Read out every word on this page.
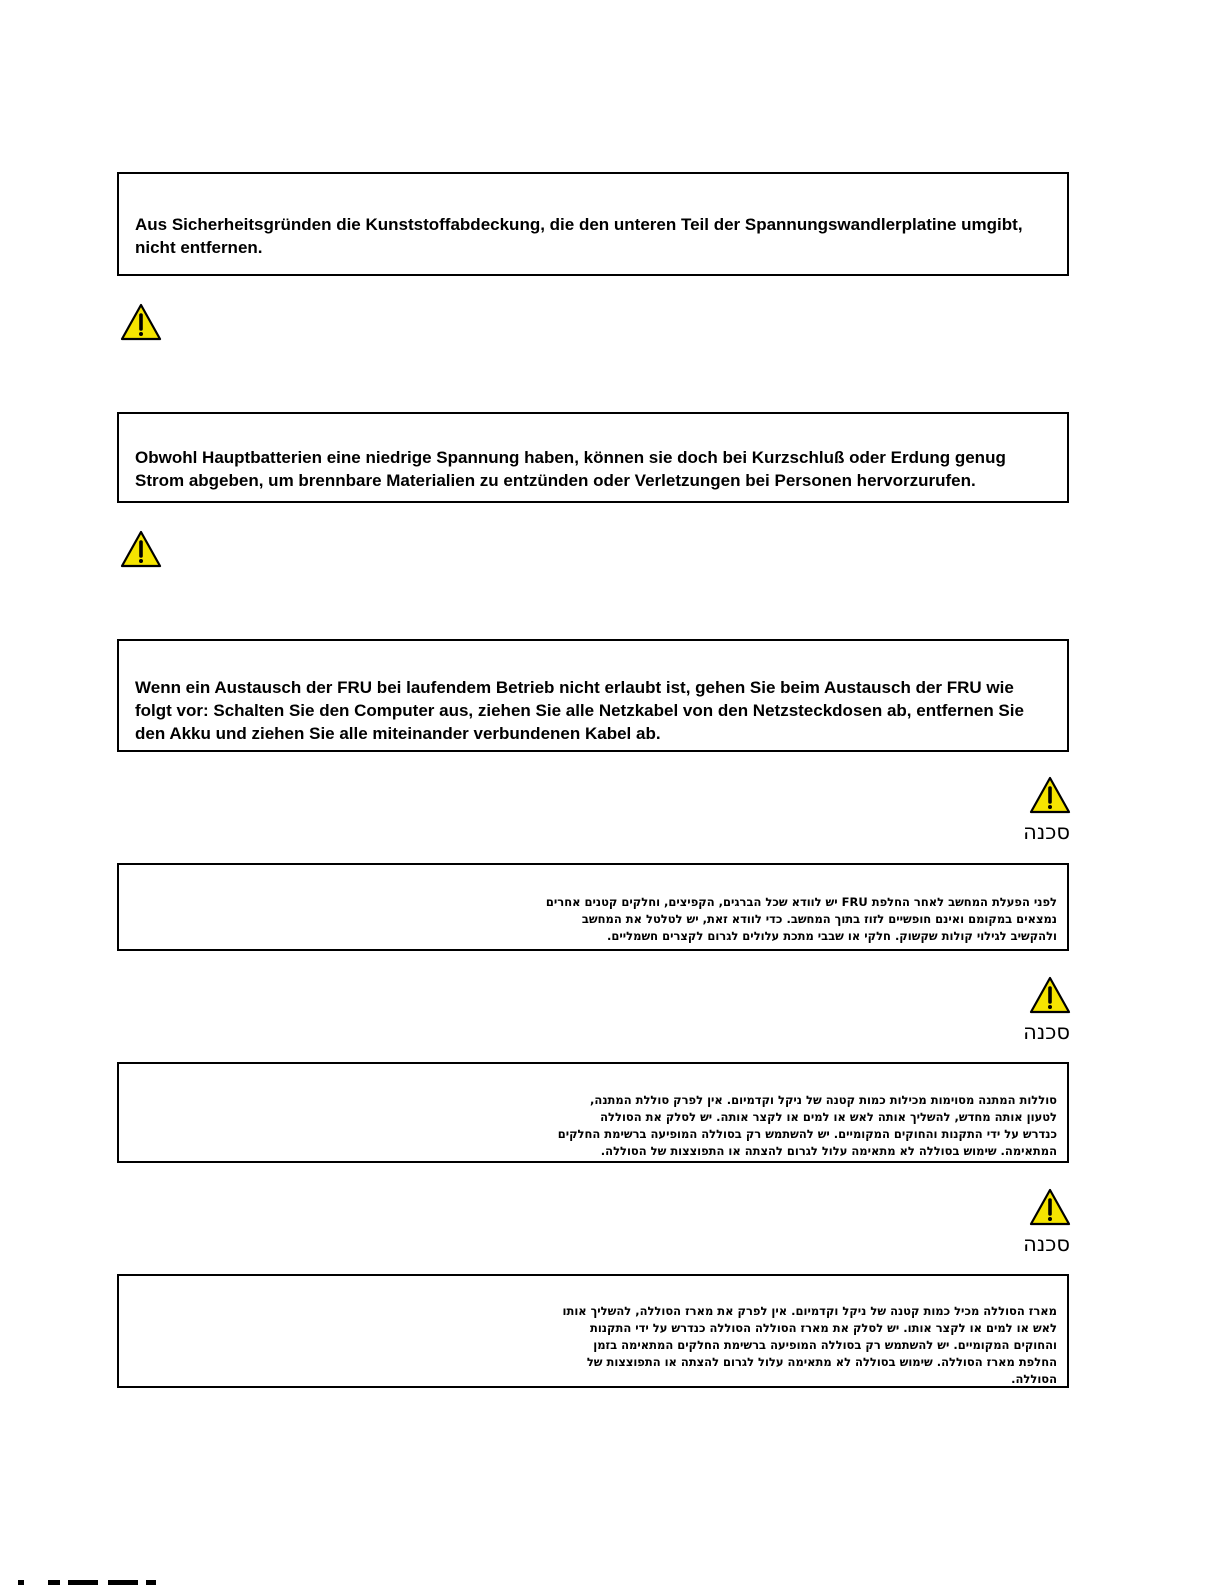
Aus Sicherheitsgründen die Kunststoffabdeckung, die den unteren Teil der Spannungswandlerplatine umgibt, nicht entfernen.

Obwohl Hauptbatterien eine niedrige Spannung haben, können sie doch bei Kurzschluß oder Erdung genug Strom abgeben, um brennbare Materialien zu entzünden oder Verletzungen bei Personen hervorzurufen.

Wenn ein Austausch der FRU bei laufendem Betrieb nicht erlaubt ist, gehen Sie beim Austausch der FRU wie folgt vor: Schalten Sie den Computer aus, ziehen Sie alle Netzkabel von den Netzsteckdosen ab, entfernen Sie den Akku und ziehen Sie alle miteinander verbundenen Kabel ab.

סכנה

לפני הפעלת המחשב לאחר החלפת FRU יש לוודא שכל הברגים, הקפיצים, וחלקים קטנים אחרים
נמצאים במקומם ואינם חופשיים לזוז בתוך המחשב. כדי לוודא זאת, יש לטלטל את המחשב
ולהקשיב לגילוי קולות שקשוק. חלקי או שבבי מתכת עלולים לגרום לקצרים חשמליים.

סכנה

סוללות המתנה מסוימות מכילות כמות קטנה של ניקל וקדמיום. אין לפרק סוללת המתנה,
לטעון אותה מחדש, להשליך אותה לאש או למים או לקצר אותה. יש לסלק את הסוללה
כנדרש על ידי התקנות והחוקים המקומיים. יש להשתמש רק בסוללה המופיעה ברשימת החלקים
המתאימה. שימוש בסוללה לא מתאימה עלול לגרום להצתה או התפוצצות של הסוללה.

סכנה

מארז הסוללה מכיל כמות קטנה של ניקל וקדמיום. אין לפרק את מארז הסוללה, להשליך אותו
לאש או למים או לקצר אותו. יש לסלק את מארז הסוללה הסוללה כנדרש על ידי התקנות
והחוקים המקומיים. יש להשתמש רק בסוללה המופיעה ברשימת החלקים המתאימה בזמן
החלפת מארז הסוללה. שימוש בסוללה לא מתאימה עלול לגרום להצתה או התפוצצות של
הסוללה.
